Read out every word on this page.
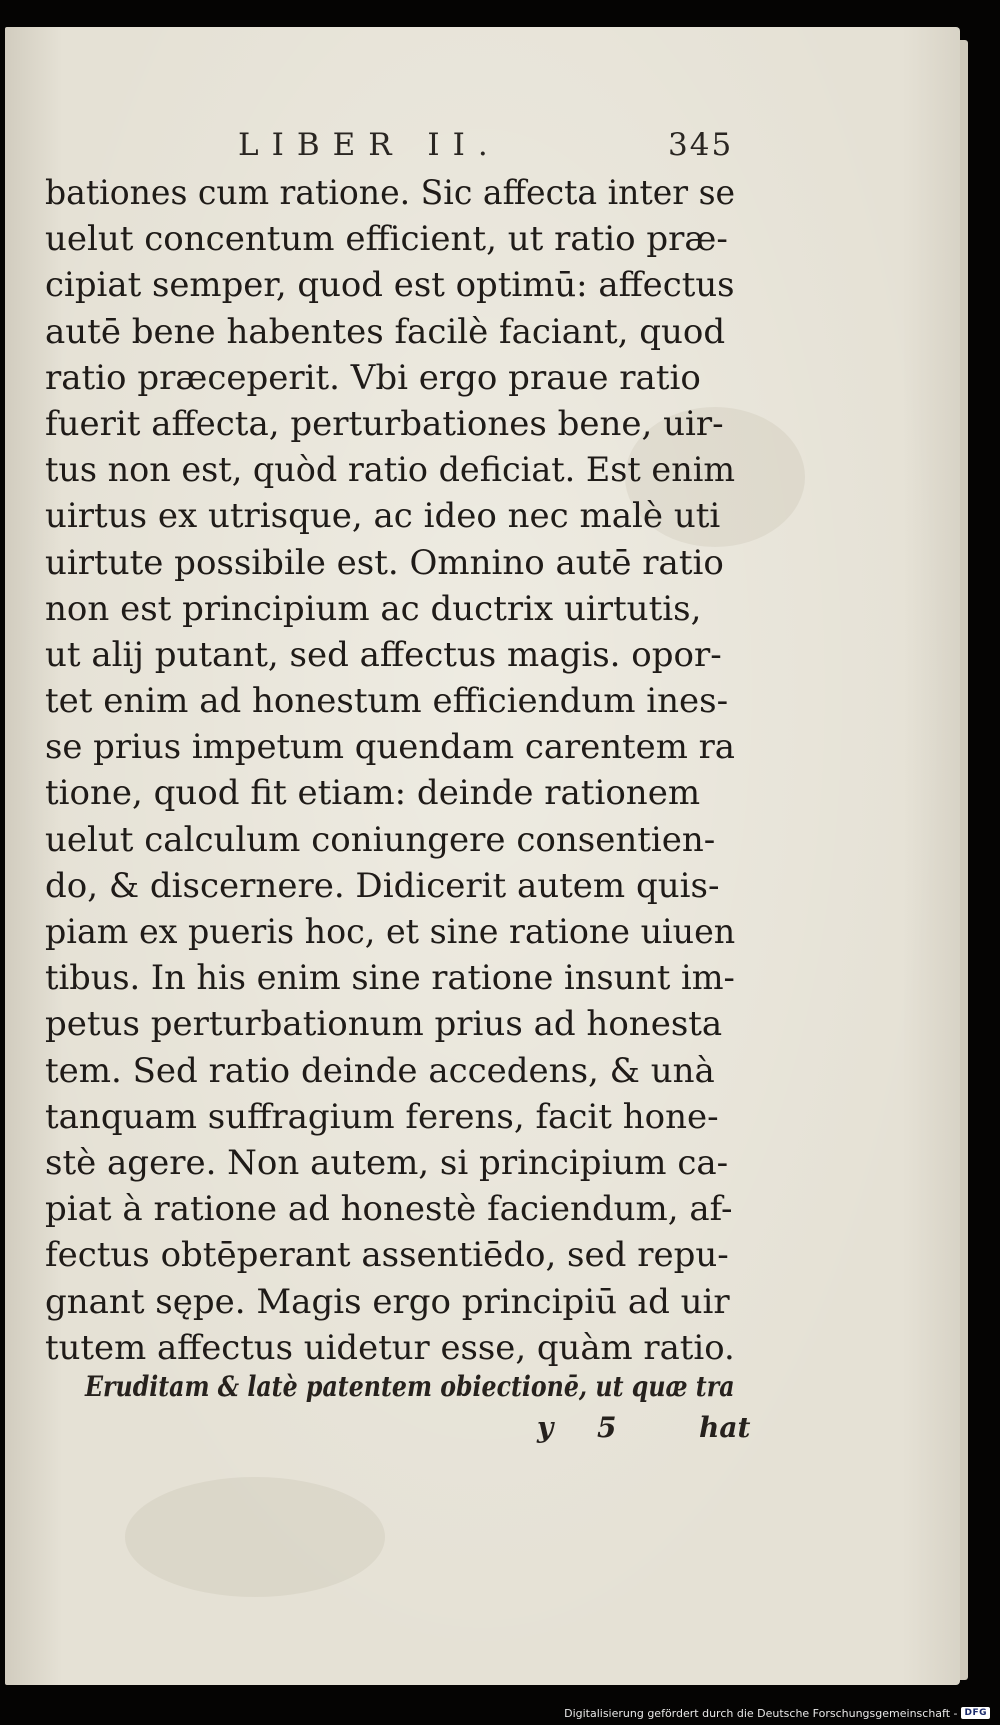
LIBER II.	345
bationes cum ratione. Sic affecta inter se
uelut concentum efficient, ut ratio præ-
cipiat semper, quod est optimū: affectus
autē bene habentes facilè faciant, quod
ratio præceperit. Vbi ergo praue ratio
fuerit affecta, perturbationes bene, uir-
tus non est, quòd ratio deficiat. Est enim
uirtus ex utrisque, ac ideo nec malè uti
uirtute possibile est. Omnino autē ratio
non est principium ac ductrix uirtutis,
ut alij putant, sed affectus magis. opor-
tet enim ad honestum efficiendum ines-
se prius impetum quendam carentem ra
tione, quod fit etiam: deinde rationem
uelut calculum coniungere consentien-
do, & discernere. Didicerit autem quis-
piam ex pueris hoc, et sine ratione uiuen
tibus. In his enim sine ratione insunt im-
petus perturbationum prius ad honesta
tem. Sed ratio deinde accedens, & unà
tanquam suffragium ferens, facit hone-
stè agere. Non autem, si principium ca-
piat à ratione ad honestè faciendum, af-
fectus obtēperant assentiēdo, sed repu-
gnant sępe. Magis ergo principiū ad uir
tutem affectus uidetur esse, quàm ratio.
Eruditam & latè patentem obiectionē, ut quæ tra
y 5	hat
Digitalisierung gefördert durch die Deutsche Forschungsgemeinschaft - DFG
